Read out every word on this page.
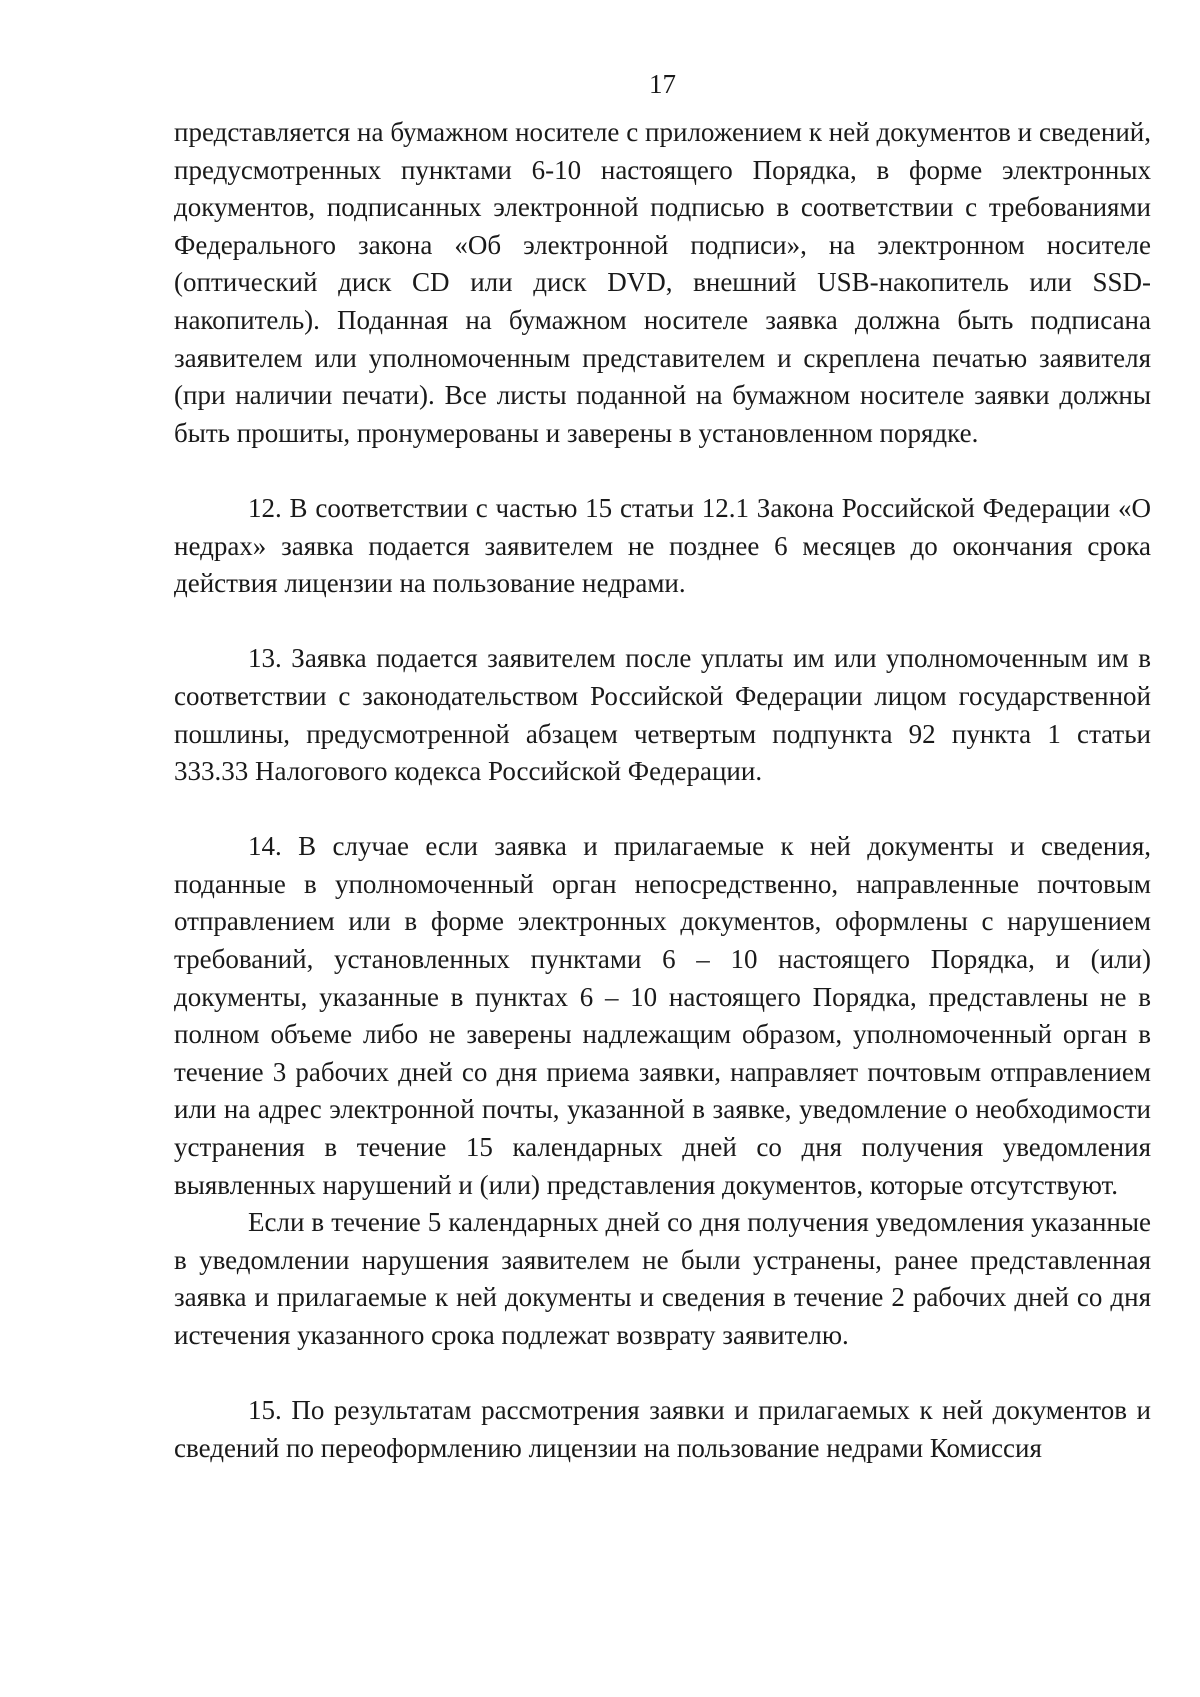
17

представляется на бумажном носителе с приложением к ней документов и сведений, предусмотренных пунктами 6-10 настоящего Порядка, в форме электронных документов, подписанных электронной подписью в соответствии с требованиями Федерального закона «Об электронной подписи», на электронном носителе (оптический диск CD или диск DVD, внешний USB-накопитель или SSD-накопитель). Поданная на бумажном носителе заявка должна быть подписана заявителем или уполномоченным представителем и скреплена печатью заявителя (при наличии печати). Все листы поданной на бумажном носителе заявки должны быть прошиты, пронумерованы и заверены в установленном порядке.

12. В соответствии с частью 15 статьи 12.1 Закона Российской Федерации «О недрах» заявка подается заявителем не позднее 6 месяцев до окончания срока действия лицензии на пользование недрами.

13. Заявка подается заявителем после уплаты им или уполномоченным им в соответствии с законодательством Российской Федерации лицом государственной пошлины, предусмотренной абзацем четвертым подпункта 92 пункта 1 статьи 333.33 Налогового кодекса Российской Федерации.

14. В случае если заявка и прилагаемые к ней документы и сведения, поданные в уполномоченный орган непосредственно, направленные почтовым отправлением или в форме электронных документов, оформлены с нарушением требований, установленных пунктами 6 – 10 настоящего Порядка, и (или) документы, указанные в пунктах 6 – 10 настоящего Порядка, представлены не в полном объеме либо не заверены надлежащим образом, уполномоченный орган в течение 3 рабочих дней со дня приема заявки, направляет почтовым отправлением или на адрес электронной почты, указанной в заявке, уведомление о необходимости устранения в течение 15 календарных дней со дня получения уведомления выявленных нарушений и (или) представления документов, которые отсутствуют.

Если в течение 5 календарных дней со дня получения уведомления указанные в уведомлении нарушения заявителем не были устранены, ранее представленная заявка и прилагаемые к ней документы и сведения в течение 2 рабочих дней со дня истечения указанного срока подлежат возврату заявителю.

15. По результатам рассмотрения заявки и прилагаемых к ней документов и сведений по переоформлению лицензии на пользование недрами Комиссия
